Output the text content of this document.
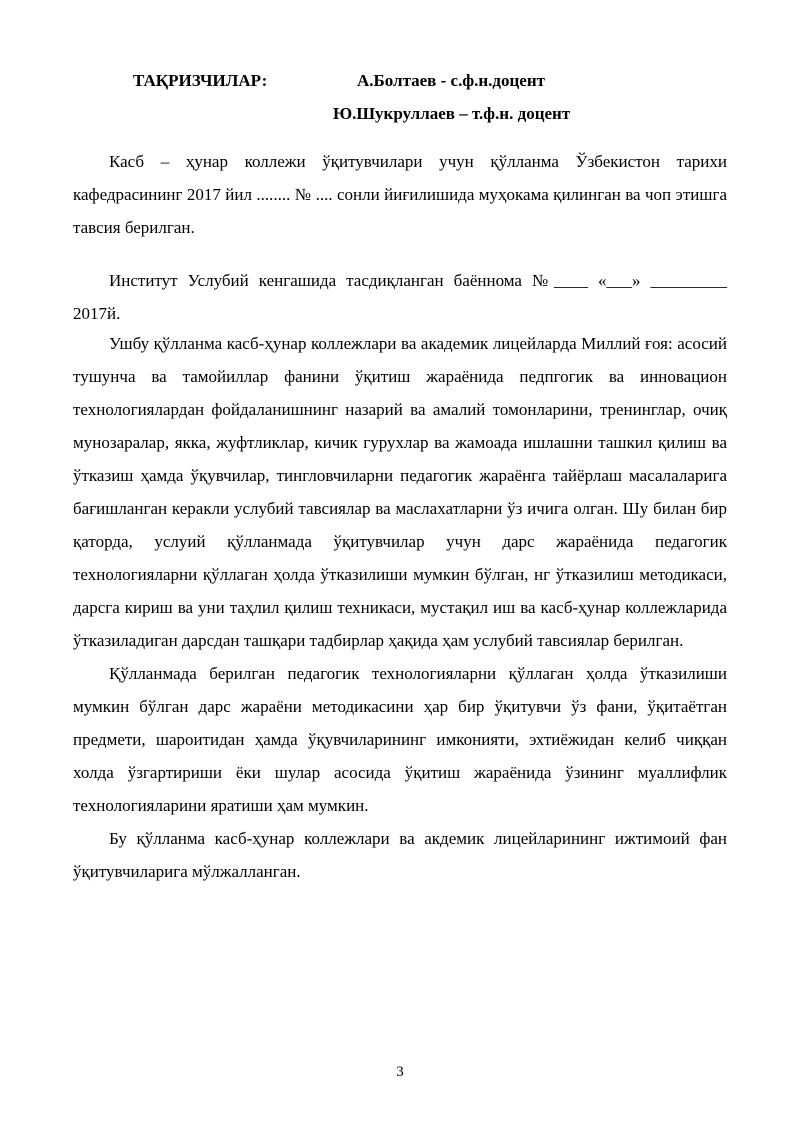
ТАҚРИЗЧИЛАР:	А.Болтаев - с.ф.н.доцент
Ю.Шукруллаев – т.ф.н. доцент

Касб – ҳунар коллежи ўқитувчилари учун қўлланма Ўзбекистон тарихи кафедрасининг 2017 йил ........ № .... сонли йиғилишида муҳокама қилинган ва чоп этишга тавсия берилган.

Институт Услубий кенгашида тасдиқланган баённома №____ «___» _________ 2017й.

Ушбу қўлланма касб-ҳунар коллежлари ва академик лицейларда Миллий ғоя: асосий тушунча ва тамойиллар фанини ўқитиш жараёнида педпгогик ва инновацион технологиялардан фойдаланишнинг назарий ва амалий томонларини, тренинглар, очиқ мунозаралар, якка, жуфтликлар, кичик гурухлар ва жамоада ишлашни ташкил қилиш ва ўтказиш ҳамда ўқувчилар, тингловчиларни педагогик жараёнга тайёрлаш масалаларига бағишланган керакли услубий тавсиялар ва маслахатларни ўз ичига олган. Шу билан бир қаторда, услуий қўлланмада ўқитувчилар учун дарс жараёнида педагогик технологияларни қўллаган ҳолда ўтказилиши мумкин бўлган, нг ўтказилиш методикаси, дарсга кириш ва уни таҳлил қилиш техникаси, мустақил иш ва касб-ҳунар коллежларида ўтказиладиган дарсдан ташқари тадбирлар ҳақида ҳам услубий тавсиялар берилган.

Қўлланмада берилган педагогик технологияларни қўллаган ҳолда ўтказилиши мумкин бўлган дарс жараёни методикасини ҳар бир ўқитувчи ўз фани, ўқитаётган предмети, шароитидан ҳамда ўқувчиларининг имконияти, эхтиёжидан келиб чиққан холда ўзгартириши ёки шулар асосида ўқитиш жараёнида ўзининг муаллифлик технологияларини яратиши ҳам мумкин.

Бу қўлланма касб-ҳунар коллежлари ва акдемик лицейларининг ижтимоий фан ўқитувчиларига мўлжалланган.

3
